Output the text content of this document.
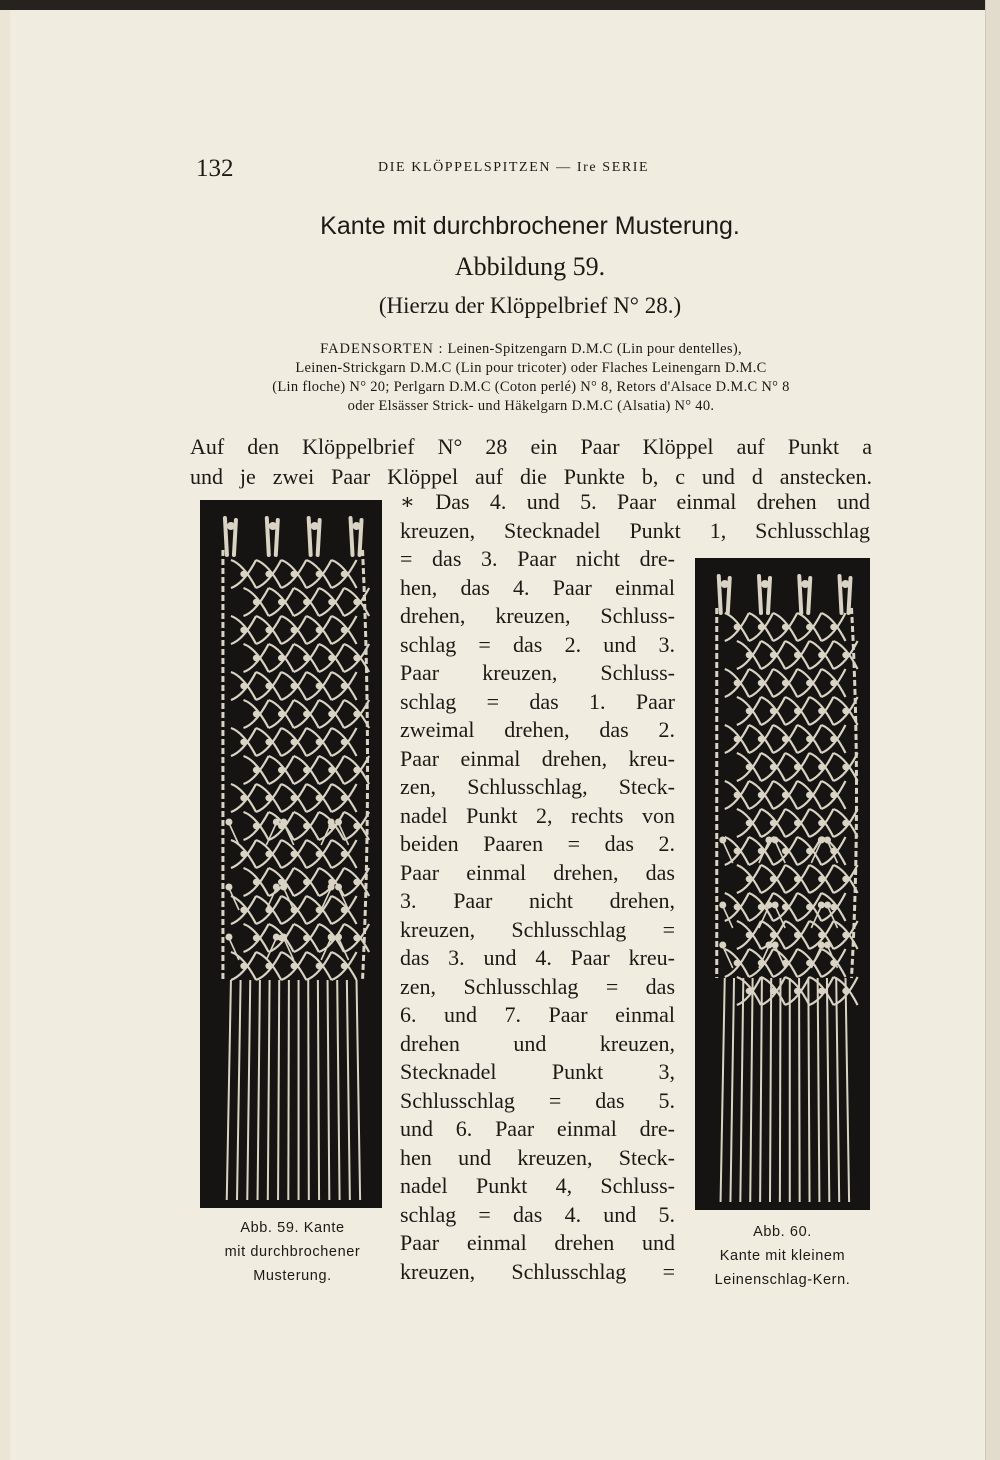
132	DIE KLÖPPELSPITZEN — Ire SERIE
Kante mit durchbrochener Musterung.
Abbildung 59.
(Hierzu der Klöppelbrief N° 28.)
FADENSORTEN : Leinen-Spitzengarn D.M.C (Lin pour dentelles),
Leinen-Strickgarn D.M.C (Lin pour tricoter) oder Flaches Leinengarn D.M.C
(Lin floche) N° 20; Perlgarn D.M.C (Coton perlé) N° 8, Retors d'Alsace D.M.C N° 8
oder Elsässer Strick- und Häkelgarn D.M.C (Alsatia) N° 40.
Auf den Klöppelbrief N° 28 ein Paar Klöppel auf Punkt a
und je zwei Paar Klöppel auf die Punkte b, c und d anstecken.
∗ Das 4. und 5. Paar einmal drehen und
kreuzen, Stecknadel Punkt 1, Schlusschlag
= das 3. Paar nicht dre-
hen, das 4. Paar einmal
drehen, kreuzen, Schluss-
schlag = das 2. und 3.
Paar kreuzen, Schluss-
schlag = das 1. Paar
zweimal drehen, das 2.
Paar einmal drehen, kreu-
zen, Schlusschlag, Steck-
nadel Punkt 2, rechts von
beiden Paaren = das 2.
Paar einmal drehen, das
3. Paar nicht drehen,
kreuzen, Schlusschlag =
das 3. und 4. Paar kreu-
zen, Schlusschlag = das
6. und 7. Paar einmal
drehen und kreuzen,
Stecknadel Punkt 3,
Schlusschlag = das 5.
und 6. Paar einmal dre-
hen und kreuzen, Steck-
nadel Punkt 4, Schluss-
schlag = das 4. und 5.
Paar einmal drehen und
kreuzen, Schlusschlag =
Abb. 59. Kante
mit durchbrochener
Musterung.
Abb. 60.
Kante mit kleinem
Leinenschlag-Kern.
